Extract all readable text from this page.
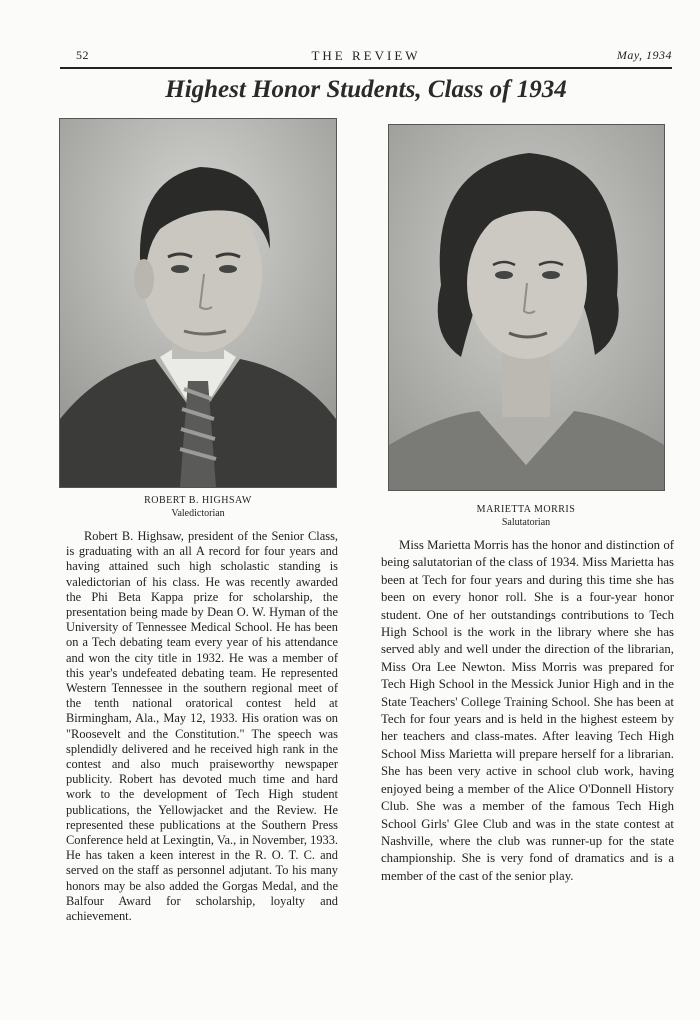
52	THE REVIEW	May, 1934
Highest Honor Students, Class of 1934
ROBERT B. HIGHSAW
Valedictorian	MARIETTA MORRIS
Salutatorian

Robert B. Highsaw, president of the Senior Class, is graduating with an all A record for four years and having attained such high scholastic standing is valedictorian of his class. He was recently awarded the Phi Beta Kappa prize for scholarship, the presentation being made by Dean O. W. Hyman of the University of Tennessee Medical School. He has been on a Tech debating team every year of his attendance and won the city title in 1932. He was a member of this year's undefeated debating team. He represented Western Tennessee in the southern regional meet of the tenth national oratorical contest held at Birmingham, Ala., May 12, 1933. His oration was on "Roosevelt and the Constitution." The speech was splendidly delivered and he received high rank in the contest and also much praiseworthy newspaper publicity. Robert has devoted much time and hard work to the development of Tech High student publications, the Yellowjacket and the Review. He represented these publications at the Southern Press Conference held at Lexingtin, Va., in November, 1933. He has taken a keen interest in the R. O. T. C. and served on the staff as personnel adjutant. To his many honors may be also added the Gorgas Medal, and the Balfour Award for scholarship, loyalty and achievement.

Miss Marietta Morris has the honor and distinction of being salutatorian of the class of 1934. Miss Marietta has been at Tech for four years and during this time she has been on every honor roll. She is a four-year honor student. One of her outstandings contributions to Tech High School is the work in the library where she has served ably and well under the direction of the librarian, Miss Ora Lee Newton. Miss Morris was prepared for Tech High School in the Messick Junior High and in the State Teachers' College Training School. She has been at Tech for four years and is held in the highest esteem by her teachers and class-mates. After leaving Tech High School Miss Marietta will prepare herself for a librarian. She has been very active in school club work, having enjoyed being a member of the Alice O'Donnell History Club. She was a member of the famous Tech High School Girls' Glee Club and was in the state contest at Nashville, where the club was runner-up for the state championship. She is very fond of dramatics and is a member of the cast of the senior play.
